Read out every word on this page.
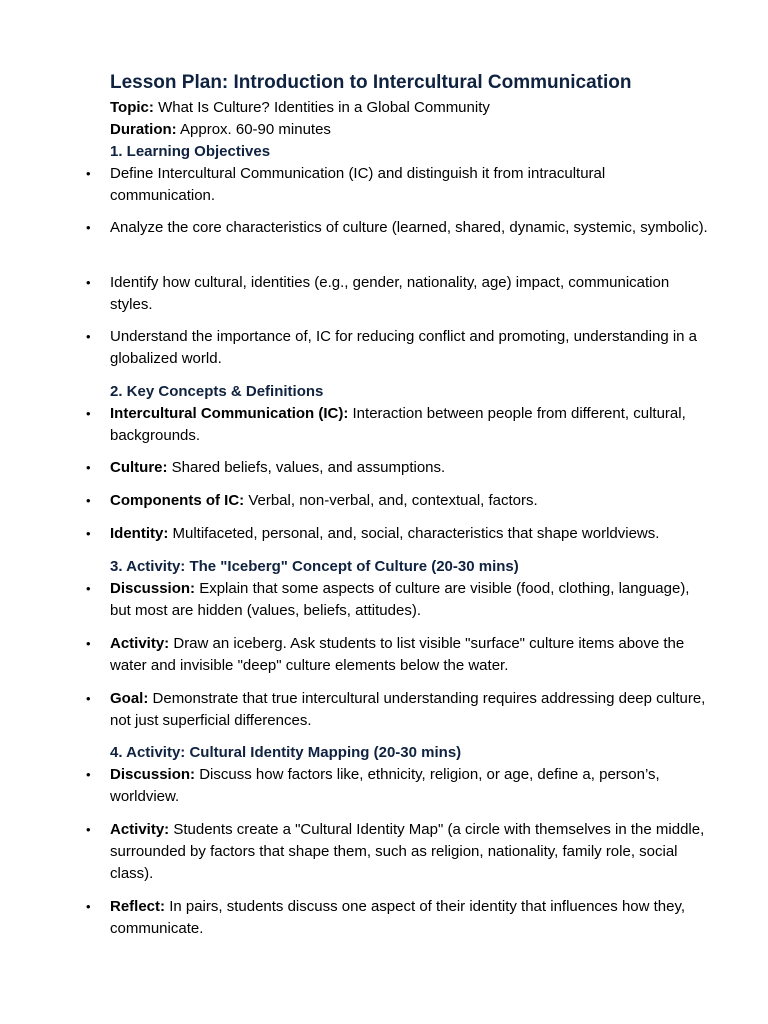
Lesson Plan: Introduction to Intercultural Communication
Topic: What Is Culture? Identities in a Global Community
Duration: Approx. 60-90 minutes
1. Learning Objectives
• Define Intercultural Communication (IC) and distinguish it from intracultural communication.
• Analyze the core characteristics of culture (learned, shared, dynamic, systemic, symbolic).
• Identify how cultural, identities (e.g., gender, nationality, age) impact, communication styles.
• Understand the importance of, IC for reducing conflict and promoting, understanding in a globalized world.
2. Key Concepts & Definitions
• Intercultural Communication (IC): Interaction between people from different, cultural, backgrounds.
• Culture: Shared beliefs, values, and assumptions.
• Components of IC: Verbal, non-verbal, and, contextual, factors.
• Identity: Multifaceted, personal, and, social, characteristics that shape worldviews.
3. Activity: The "Iceberg" Concept of Culture (20-30 mins)
• Discussion: Explain that some aspects of culture are visible (food, clothing, language), but most are hidden (values, beliefs, attitudes).
• Activity: Draw an iceberg. Ask students to list visible "surface" culture items above the water and invisible "deep" culture elements below the water.
• Goal: Demonstrate that true intercultural understanding requires addressing deep culture, not just superficial differences.
4. Activity: Cultural Identity Mapping (20-30 mins)
• Discussion: Discuss how factors like, ethnicity, religion, or age, define a, person’s, worldview.
• Activity: Students create a "Cultural Identity Map" (a circle with themselves in the middle, surrounded by factors that shape them, such as religion, nationality, family role, social class).
• Reflect: In pairs, students discuss one aspect of their identity that influences how they, communicate.
